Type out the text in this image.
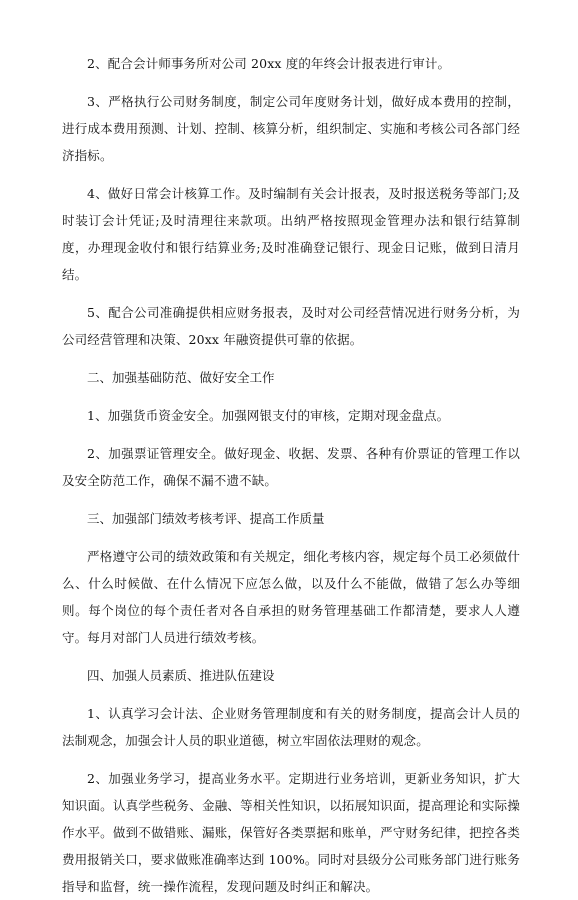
2、配合会计师事务所对公司 20xx 度的年终会计报表进行审计。

3、严格执行公司财务制度，制定公司年度财务计划，做好成本费用的控制，进行成本费用预测、计划、控制、核算分析，组织制定、实施和考核公司各部门经济指标。

4、做好日常会计核算工作。及时编制有关会计报表，及时报送税务等部门;及时装订会计凭证;及时清理往来款项。出纳严格按照现金管理办法和银行结算制度，办理现金收付和银行结算业务;及时准确登记银行、现金日记账，做到日清月结。

5、配合公司准确提供相应财务报表，及时对公司经营情况进行财务分析，为公司经营管理和决策、20xx 年融资提供可靠的依据。

二、加强基础防范、做好安全工作

1、加强货币资金安全。加强网银支付的审核，定期对现金盘点。

2、加强票证管理安全。做好现金、收据、发票、各种有价票证的管理工作以及安全防范工作，确保不漏不遗不缺。

三、加强部门绩效考核考评、提高工作质量

严格遵守公司的绩效政策和有关规定，细化考核内容，规定每个员工必须做什么、什么时候做、在什么情况下应怎么做，以及什么不能做，做错了怎么办等细则。每个岗位的每个责任者对各自承担的财务管理基础工作都清楚，要求人人遵守。每月对部门人员进行绩效考核。

四、加强人员素质、推进队伍建设

1、认真学习会计法、企业财务管理制度和有关的财务制度，提高会计人员的法制观念，加强会计人员的职业道德，树立牢固依法理财的观念。

2、加强业务学习，提高业务水平。定期进行业务培训，更新业务知识，扩大知识面。认真学些税务、金融、等相关性知识，以拓展知识面，提高理论和实际操作水平。做到不做错账、漏账，保管好各类票据和账单，严守财务纪律，把控各类费用报销关口，要求做账准确率达到 100%。同时对县级分公司账务部门进行账务指导和监督，统一操作流程，发现问题及时纠正和解决。
